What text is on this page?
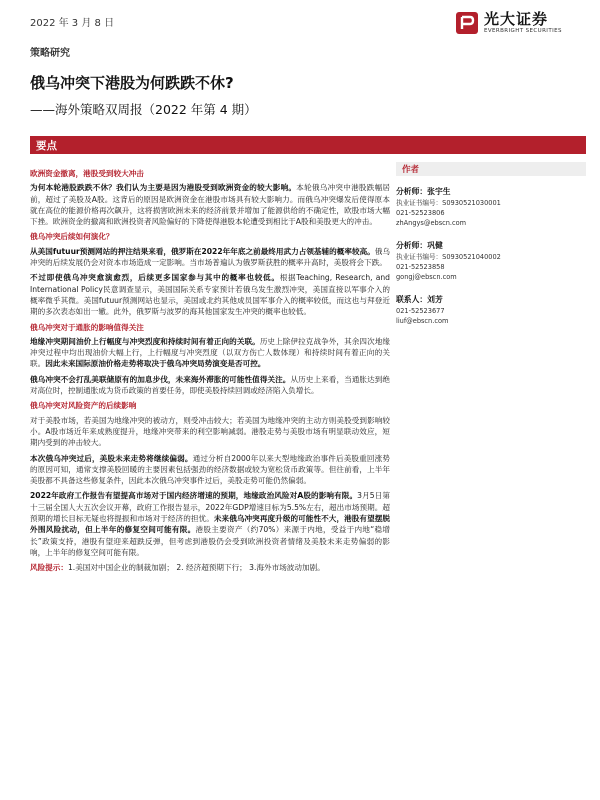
2022 年 3 月 8 日	光大证券
EVERBRIGHT SECURITIES
策略研究
俄乌冲突下港股为何跌跌不休?
——海外策略双周报（2022 年第 4 期）
要点
欧洲资金撤离，港股受到较大冲击

为何本轮港股跌跌不休？我们认为主要是因为港股受到欧洲资金的较大影响。本轮俄乌冲突中港股跌幅居前，超过了美股及A股。这背后的原因是欧洲资金在港股市场具有较大影响力。而俄乌冲突爆发后使得原本就在高位的能源价格再次飙升，这将损害欧洲未来的经济前景并增加了能源供给的不确定性，欧股市场大幅下挫。欧洲资金的撤离和欧洲投资者风险偏好的下降使得港股本轮遭受到相比于A股和美股更大的冲击。

俄乌冲突后续如何演化？

从美国futuur预测网站的押注结果来看，俄罗斯在2022年年底之前最终用武力占领基辅的概率较高。俄乌冲突的后续发展仍会对资本市场造成一定影响。当市场普遍认为俄罗斯获胜的概率升高时，美股将会下跌。

不过即使俄乌冲突愈演愈烈，后续更多国家参与其中的概率也较低。根据Teaching, Research, and International Policy民意调查显示，美国国际关系专家预计若俄乌发生激烈冲突，美国直接以军事介入的概率微乎其微。美国futuur预测网站也显示，美国或北约其他成员国军事介入的概率较低，而这也与拜登近期的多次表态如出一辙。此外，俄罗斯与波罗的海其他国家发生冲突的概率也较低。

俄乌冲突对于通胀的影响值得关注

地缘冲突期间油价上行幅度与冲突烈度和持续时间有着正向的关联。历史上除伊拉克战争外，其余四次地缘冲突过程中均出现油价大幅上行，上行幅度与冲突烈度（以双方伤亡人数体现）和持续时间有着正向的关联。因此未来国际原油价格走势将取决于俄乌冲突局势演变是否可控。

俄乌冲突不会打乱美联储原有的加息步伐，未来海外滞胀的可能性值得关注。从历史上来看，当通胀达到绝对高位时，控制通胀成为货币政策的首要任务，即使美股持续回调或经济陷入负增长。

俄乌冲突对风险资产的后续影响

对于美股市场，若美国为地缘冲突的被动方，则受冲击较大；若美国为地缘冲突的主动方则美股受到影响较小。A股市场近年来成熟度提升，地缘冲突带来的利空影响减弱。港股走势与美股市场有明显联动效应，短期内受到的冲击较大。

本次俄乌冲突过后，美股未来走势将继续偏弱。通过分析自2000年以来大型地缘政治事件后美股重回涨势的原因可知，通常支撑美股回暖的主要因素包括强劲的经济数据或较为宽松货币政策等。但往前看，上半年美股都不具备这些修复条件，因此本次俄乌冲突事件过后，美股走势可能仍然偏弱。

2022年政府工作报告有望提高市场对于国内经济增速的预期，地缘政治风险对A股的影响有限。3月5日第十三届全国人大五次会议开幕，政府工作报告显示，2022年GDP增速目标为5.5%左右，超出市场预期。超预期的增长目标无疑也将提振和市场对于经济的担忧。未来俄乌冲突再度升级的可能性不大，港股有望摆脱外围风险扰动，但上半年的修复空间可能有限。港股主要资产（约70%）来源于内地，受益于内地“稳增长”政策支持，港股有望迎来超跌反弹，但考虑到港股仍会受到欧洲投资者情绪及美股未来走势偏弱的影响，上半年的修复空间可能有限。

风险提示：1.美国对中国企业的制裁加剧； 2. 经济超预期下行； 3.海外市场波动加剧。

作者
分析师：张宇生
执业证书编号：S0930521030001
021-52523806
zhAngys@ebscn.com
分析师：巩健
执业证书编号：S0930521040002
021-52523858
gongj@ebscn.com
联系人：刘芳
021-52523677
liuf@ebscn.com
